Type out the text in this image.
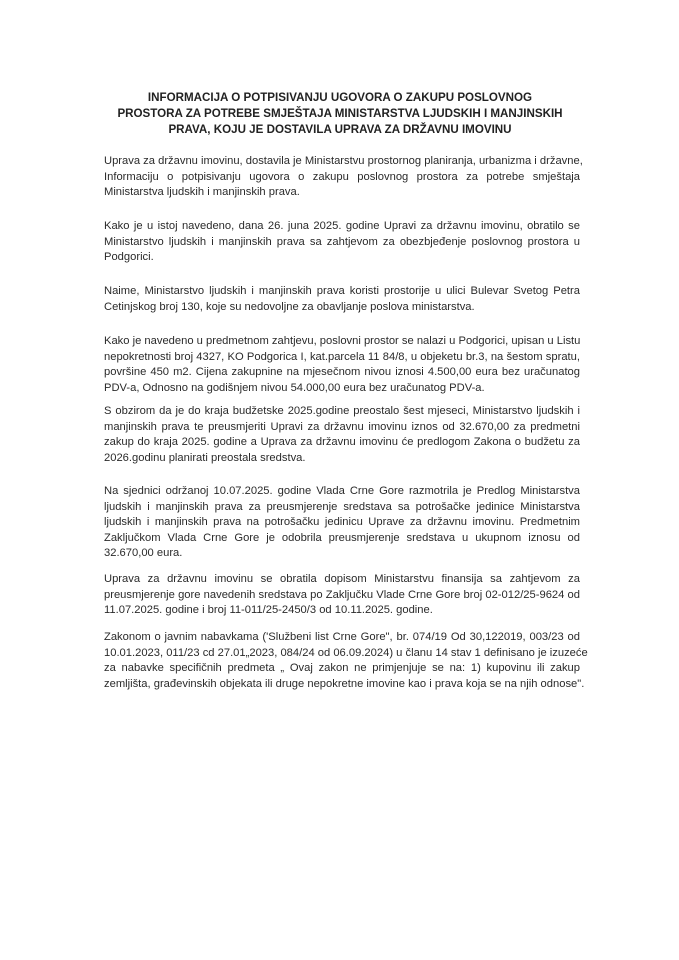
INFORMACIJA O POTPISIVANJU UGOVORA O ZAKUPU POSLOVNOG
PROSTORA ZA POTREBE SMJEŠTAJA MINISTARSTVA LJUDSKIH I MANJINSKIH
PRAVA, KOJU JE DOSTAVILA UPRAVA ZA DRŽAVNU IMOVINU
Uprava za državnu imovinu, dostavila je Ministarstvu prostornog planiranja, urbanizma i državne,
Informaciju o potpisivanju ugovora o zakupu poslovnog prostora za potrebe smještaja
Ministarstva ljudskih i manjinskih prava.
Kako je u istoj navedeno, dana 26. juna 2025. godine Upravi za državnu imovinu, obratilo se
Ministarstvo ljudskih i manjinskih prava sa zahtjevom za obezbjeđenje poslovnog prostora u
Podgorici.
Naime, Ministarstvo ljudskih i manjinskih prava koristi prostorije u ulici Bulevar Svetog Petra
Cetinjskog broj 130, koje su nedovoljne za obavljanje poslova ministarstva.
Kako je navedeno u predmetnom zahtjevu, poslovni prostor se nalazi u Podgorici, upisan u Listu
nepokretnosti broj 4327, KO Podgorica I, kat.parcela 11 84/8, u objeketu br.3, na šestom spratu,
površine 450 m2. Cijena zakupnine na mjesečnom nivou iznosi 4.500,00 eura bez uračunatog
PDV-a, Odnosno na godišnjem nivou 54.000,00 eura bez uračunatog PDV-a.
S obzirom da je do kraja budžetske 2025.godine preostalo šest mjeseci, Ministarstvo ljudskih i
manjinskih prava te preusmjeriti Upravi za državnu imovinu iznos od 32.670,00 za predmetni
zakup do kraja 2025. godine a Uprava za državnu imovinu će predlogom Zakona o budžetu za
2026.godinu planirati preostala sredstva.
Na sjednici održanoj 10.07.2025. godine Vlada Crne Gore razmotrila je Predlog Ministarstva
ljudskih i manjinskih prava za preusmjerenje sredstava sa potrošačke jedinice Ministarstva
ljudskih i manjinskih prava na potrošačku jedinicu Uprave za državnu imovinu. Predmetnim
Zaključkom Vlada Crne Gore je odobrila preusmjerenje sredstava u ukupnom iznosu od
32.670,00 eura.
Uprava za državnu imovinu se obratila dopisom Ministarstvu finansija sa zahtjevom za
preusmjerenje gore navedenih sredstava po Zaključku Vlade Crne Gore broj 02-012/25-9624 od
11.07.2025. godine i broj 11-011/25-2450/3 od 10.11.2025. godine.
Zakonom o javnim nabavkama ('Službeni list Crne Gore", br. 074/19 Od 30,122019, 003/23 od
10.01.2023, 011/23 cd 27.01„2023, 084/24 od 06.09.2024) u članu 14 stav 1 definisano je izuzeće
za nabavke specifičnih predmeta „ Ovaj zakon ne primjenjuje se na: 1) kupovinu ili zakup
zemljišta, građevinskih objekata ili druge nepokretne imovine kao i prava koja se na njih odnose".
